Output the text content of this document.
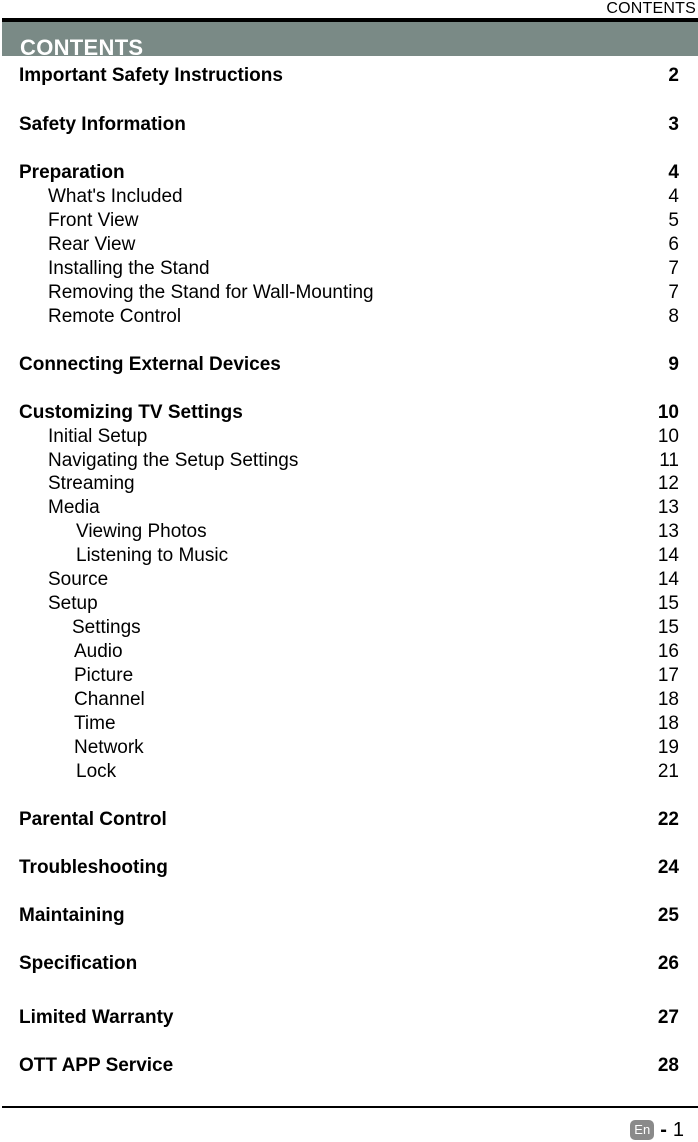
CONTENTS
CONTENTS
Important Safety Instructions	2
Safety Information	3
Preparation	4
What's Included	4
Front View	5
Rear View	6
Installing the Stand	7
Removing the Stand for Wall-Mounting	7
Remote Control	8
Connecting External Devices	9
Customizing TV Settings	10
Initial Setup	10
Navigating the Setup Settings	11
Streaming	12
Media	13
Viewing Photos	13
Listening to Music	14
Source	14
Setup	15
Settings	15
Audio	16
Picture	17
Channel	18
Time	18
Network	19
Lock	21
Parental Control	22
Troubleshooting	24
Maintaining	25
Specification	26
Limited Warranty	27
OTT APP Service	28
En - 1
